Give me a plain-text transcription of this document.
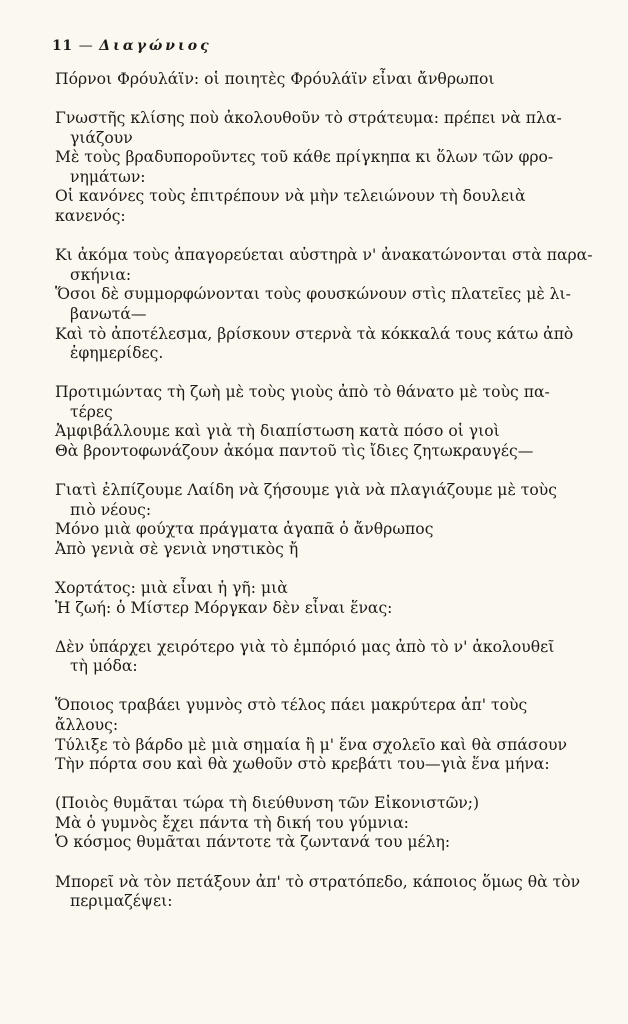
11 — Διαγώνιος

Πόρνοι Φρόυλάϊν: οἱ ποιητὲς Φρόυλάϊν εἶναι ἄνθρωποι

Γνωστῆς κλίσης ποὺ ἀκολουθοῦν τὸ στράτευμα: πρέπει νὰ πλα-

γιάζουν

Μὲ τοὺς βραδυποροῦντες τοῦ κάθε πρίγκηπα κι ὅλων τῶν φρο-

νημάτων:

Οἱ κανόνες τοὺς ἐπιτρέπουν νὰ μὴν τελειώνουν τὴ δουλειὰ κανενός:

Κι ἀκόμα τοὺς ἀπαγορεύεται αὐστηρὰ ν' ἀνακατώνονται στὰ παρα-

σκήνια:

Ὅσοι δὲ συμμορφώνονται τοὺς φουσκώνουν στὶς πλατεῖες μὲ λι-

βανωτά—

Καὶ τὸ ἀποτέλεσμα, βρίσκουν στερνὰ τὰ κόκκαλά τους κάτω ἀπὸ

ἐφημερίδες.

Προτιμώντας τὴ ζωὴ μὲ τοὺς γιοὺς ἀπὸ τὸ θάνατο μὲ τοὺς πα-

τέρες

Ἀμφιβάλλουμε καὶ γιὰ τὴ διαπίστωση κατὰ πόσο οἱ γιοὶ

Θὰ βροντοφωνάζουν ἀκόμα παντοῦ τὶς ἴδιες ζητωκραυγές—

Γιατὶ ἐλπίζουμε Λαίδη νὰ ζήσουμε γιὰ νὰ πλαγιάζουμε μὲ τοὺς

πιὸ νέους:

Μόνο μιὰ φούχτα πράγματα ἀγαπᾶ ὁ ἄνθρωπος

Ἀπὸ γενιὰ σὲ γενιὰ νηστικὸς ἤ

Χορτάτος: μιὰ εἶναι ἡ γῆ: μιὰ

Ἡ ζωή: ὁ Μίστερ Μόργκαν δὲν εἶναι ἕνας:

Δὲν ὑπάρχει χειρότερο γιὰ τὸ ἐμπόριό μας ἀπὸ τὸ ν' ἀκολουθεῖ

τὴ μόδα:

Ὅποιος τραβάει γυμνὸς στὸ τέλος πάει μακρύτερα ἀπ' τοὺς ἄλλους:

Τύλιξε τὸ βάρδο μὲ μιὰ σημαία ἢ μ' ἕνα σχολεῖο καὶ θὰ σπάσουν

Τὴν πόρτα σου καὶ θὰ χωθοῦν στὸ κρεβάτι του—γιὰ ἕνα μήνα:

(Ποιὸς θυμᾶται τώρα τὴ διεύθυνση τῶν Εἰκονιστῶν;)

Μὰ ὁ γυμνὸς ἔχει πάντα τὴ δική του γύμνια:

Ὁ κόσμος θυμᾶται πάντοτε τὰ ζωντανά του μέλη:

Μπορεῖ νὰ τὸν πετάξουν ἀπ' τὸ στρατόπεδο, κάποιος ὅμως θὰ τὸν

περιμαζέψει:
